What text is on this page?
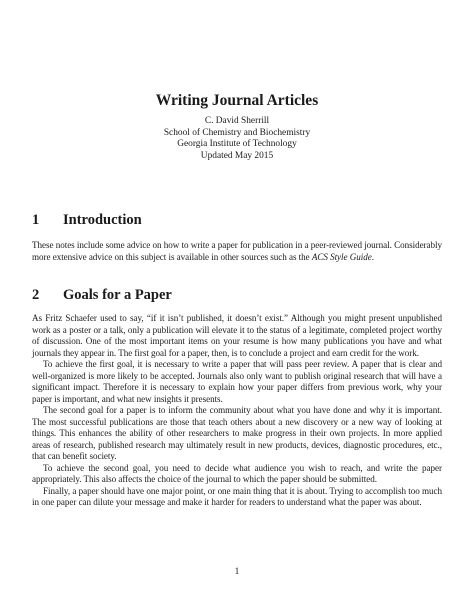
Writing Journal Articles
C. David Sherrill
School of Chemistry and Biochemistry
Georgia Institute of Technology
Updated May 2015
1 Introduction

These notes include some advice on how to write a paper for publication in a peer-reviewed journal. Considerably more extensive advice on this subject is available in other sources such as the ACS Style Guide.

2 Goals for a Paper

As Fritz Schaefer used to say, “if it isn’t published, it doesn’t exist.” Although you might present unpublished work as a poster or a talk, only a publication will elevate it to the status of a legitimate, completed project worthy of discussion. One of the most important items on your resume is how many publications you have and what journals they appear in. The first goal for a paper, then, is to conclude a project and earn credit for the work.

To achieve the first goal, it is necessary to write a paper that will pass peer review. A paper that is clear and well-organized is more likely to be accepted. Journals also only want to publish original research that will have a significant impact. Therefore it is necessary to explain how your paper differs from previous work, why your paper is important, and what new insights it presents.

The second goal for a paper is to inform the community about what you have done and why it is important. The most successful publications are those that teach others about a new discovery or a new way of looking at things. This enhances the ability of other researchers to make progress in their own projects. In more applied areas of research, published research may ultimately result in new products, devices, diagnostic procedures, etc., that can benefit society.

To achieve the second goal, you need to decide what audience you wish to reach, and write the paper appropriately. This also affects the choice of the journal to which the paper should be submitted.

Finally, a paper should have one major point, or one main thing that it is about. Trying to accomplish too much in one paper can dilute your message and make it harder for readers to understand what the paper was about.

1
